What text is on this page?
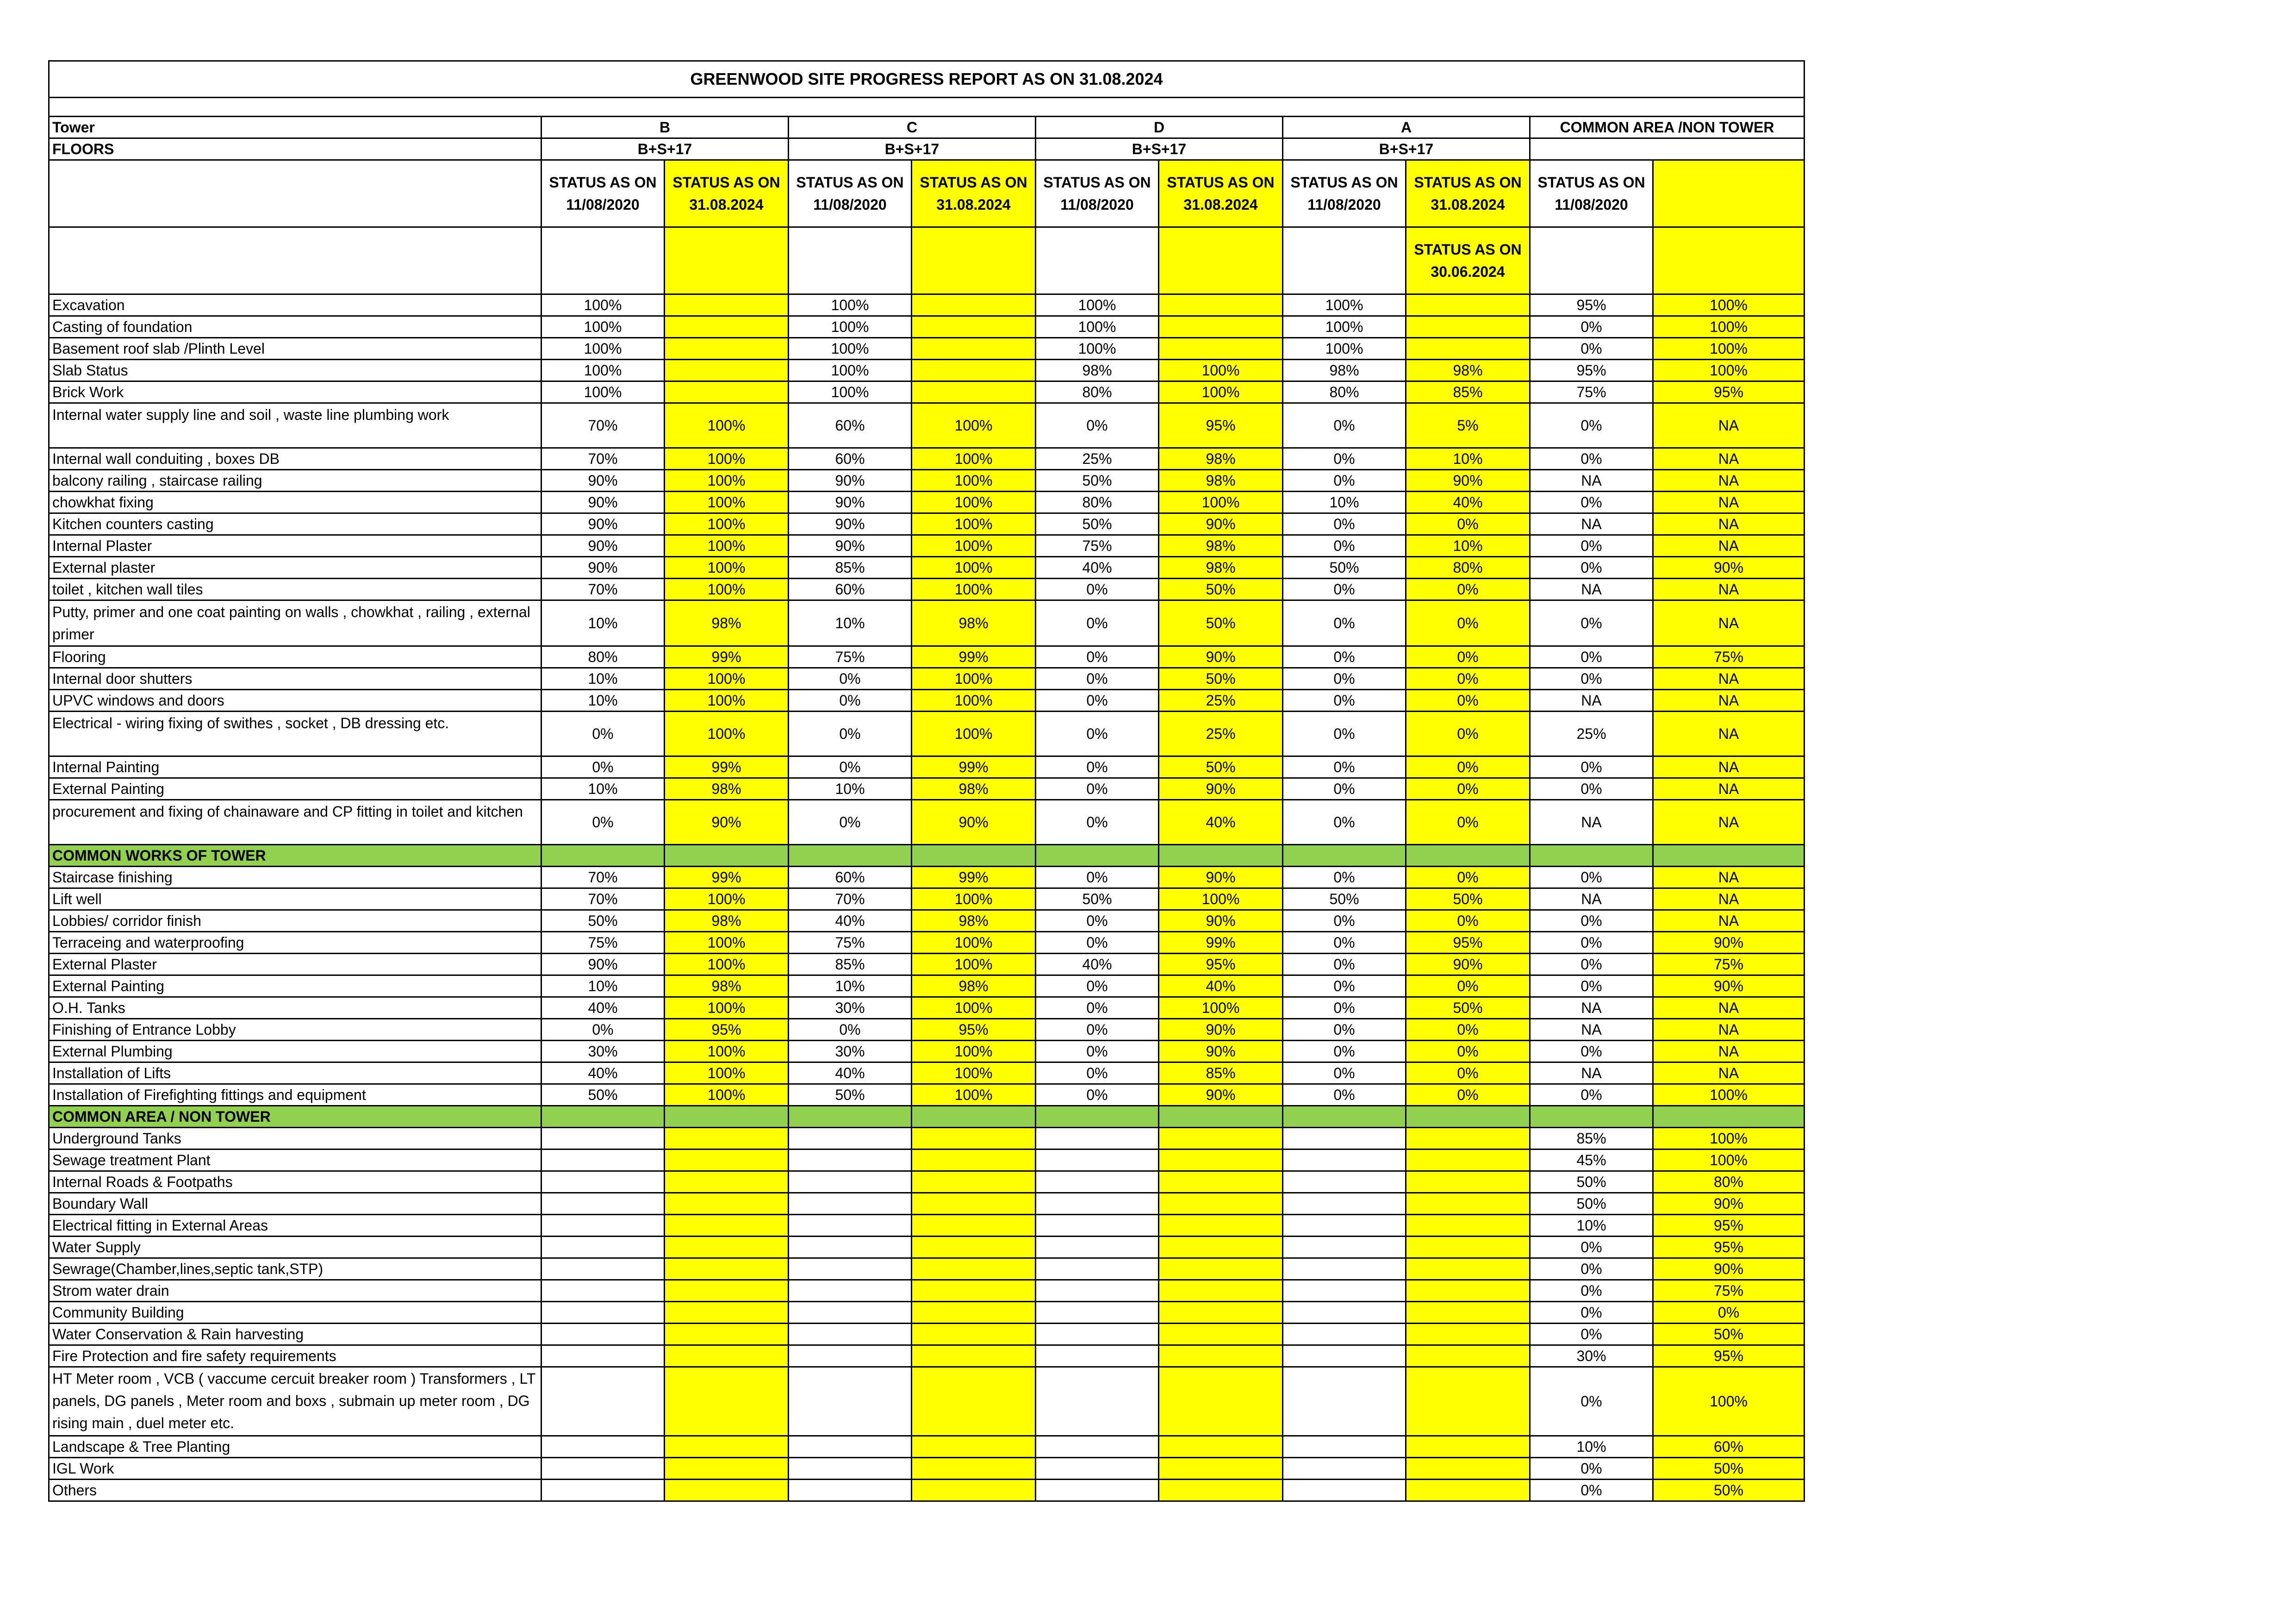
GREENWOOD SITE PROGRESS REPORT AS ON 31.08.2024										

Tower	B		C		D		A		COMMON AREA /NON TOWER	
FLOORS	B+S+17		B+S+17		B+S+17		B+S+17			
	STATUS AS ON 11/08/2020	STATUS AS ON 31.08.2024	STATUS AS ON 11/08/2020	STATUS AS ON 31.08.2024	STATUS AS ON 11/08/2020	STATUS AS ON 31.08.2024	STATUS AS ON 11/08/2020	STATUS AS ON 31.08.2024	STATUS AS ON 11/08/2020	
								STATUS AS ON 30.06.2024		
Excavation	100%		100%		100%		100%		95%	100%
Casting of foundation	100%		100%		100%		100%		0%	100%
Basement roof slab /Plinth Level	100%		100%		100%		100%		0%	100%
Slab Status	100%		100%		98%	100%	98%	98%	95%	100%
Brick Work	100%		100%		80%	100%	80%	85%	75%	95%
Internal water supply line and soil , waste line plumbing work	70%	100%	60%	100%	0%	95%	0%	5%	0%	NA
Internal wall conduiting , boxes DB	70%	100%	60%	100%	25%	98%	0%	10%	0%	NA
balcony railing , staircase railing	90%	100%	90%	100%	50%	98%	0%	90%	NA	NA
chowkhat fixing	90%	100%	90%	100%	80%	100%	10%	40%	0%	NA
Kitchen counters casting	90%	100%	90%	100%	50%	90%	0%	0%	NA	NA
Internal Plaster	90%	100%	90%	100%	75%	98%	0%	10%	0%	NA
External plaster	90%	100%	85%	100%	40%	98%	50%	80%	0%	90%
toilet , kitchen wall tiles	70%	100%	60%	100%	0%	50%	0%	0%	NA	NA
Putty, primer and one coat painting on walls , chowkhat , railing , external primer	10%	98%	10%	98%	0%	50%	0%	0%	0%	NA
Flooring	80%	99%	75%	99%	0%	90%	0%	0%	0%	75%
Internal door shutters	10%	100%	0%	100%	0%	50%	0%	0%	0%	NA
UPVC windows and doors	10%	100%	0%	100%	0%	25%	0%	0%	NA	NA
Electrical - wiring fixing of swithes , socket , DB dressing etc.	0%	100%	0%	100%	0%	25%	0%	0%	25%	NA
Internal Painting	0%	99%	0%	99%	0%	50%	0%	0%	0%	NA
External Painting	10%	98%	10%	98%	0%	90%	0%	0%	0%	NA
procurement and fixing of chainaware and CP fitting in toilet and kitchen	0%	90%	0%	90%	0%	40%	0%	0%	NA	NA
COMMON WORKS OF TOWER										
Staircase finishing	70%	99%	60%	99%	0%	90%	0%	0%	0%	NA
Lift well	70%	100%	70%	100%	50%	100%	50%	50%	NA	NA
Lobbies/ corridor finish	50%	98%	40%	98%	0%	90%	0%	0%	0%	NA
Terraceing and waterproofing	75%	100%	75%	100%	0%	99%	0%	95%	0%	90%
External Plaster	90%	100%	85%	100%	40%	95%	0%	90%	0%	75%
External Painting	10%	98%	10%	98%	0%	40%	0%	0%	0%	90%
O.H. Tanks	40%	100%	30%	100%	0%	100%	0%	50%	NA	NA
Finishing of Entrance Lobby	0%	95%	0%	95%	0%	90%	0%	0%	NA	NA
External Plumbing	30%	100%	30%	100%	0%	90%	0%	0%	0%	NA
Installation of Lifts	40%	100%	40%	100%	0%	85%	0%	0%	NA	NA
Installation of Firefighting fittings and equipment	50%	100%	50%	100%	0%	90%	0%	0%	0%	100%
COMMON AREA / NON TOWER										
Underground Tanks									85%	100%
Sewage treatment Plant									45%	100%
Internal Roads & Footpaths									50%	80%
Boundary Wall									50%	90%
Electrical fitting in External Areas									10%	95%
Water Supply									0%	95%
Sewrage(Chamber,lines,septic tank,STP)									0%	90%
Strom water drain									0%	75%
Community Building									0%	0%
Water Conservation & Rain harvesting									0%	50%
Fire Protection and fire safety requirements									30%	95%
HT Meter room , VCB ( vaccume cercuit breaker room ) Transformers , LT panels, DG panels , Meter room and boxs , submain up meter room , DG rising main , duel meter etc.									0%	100%
Landscape & Tree Planting									10%	60%
IGL Work									0%	50%
Others									0%	50%
